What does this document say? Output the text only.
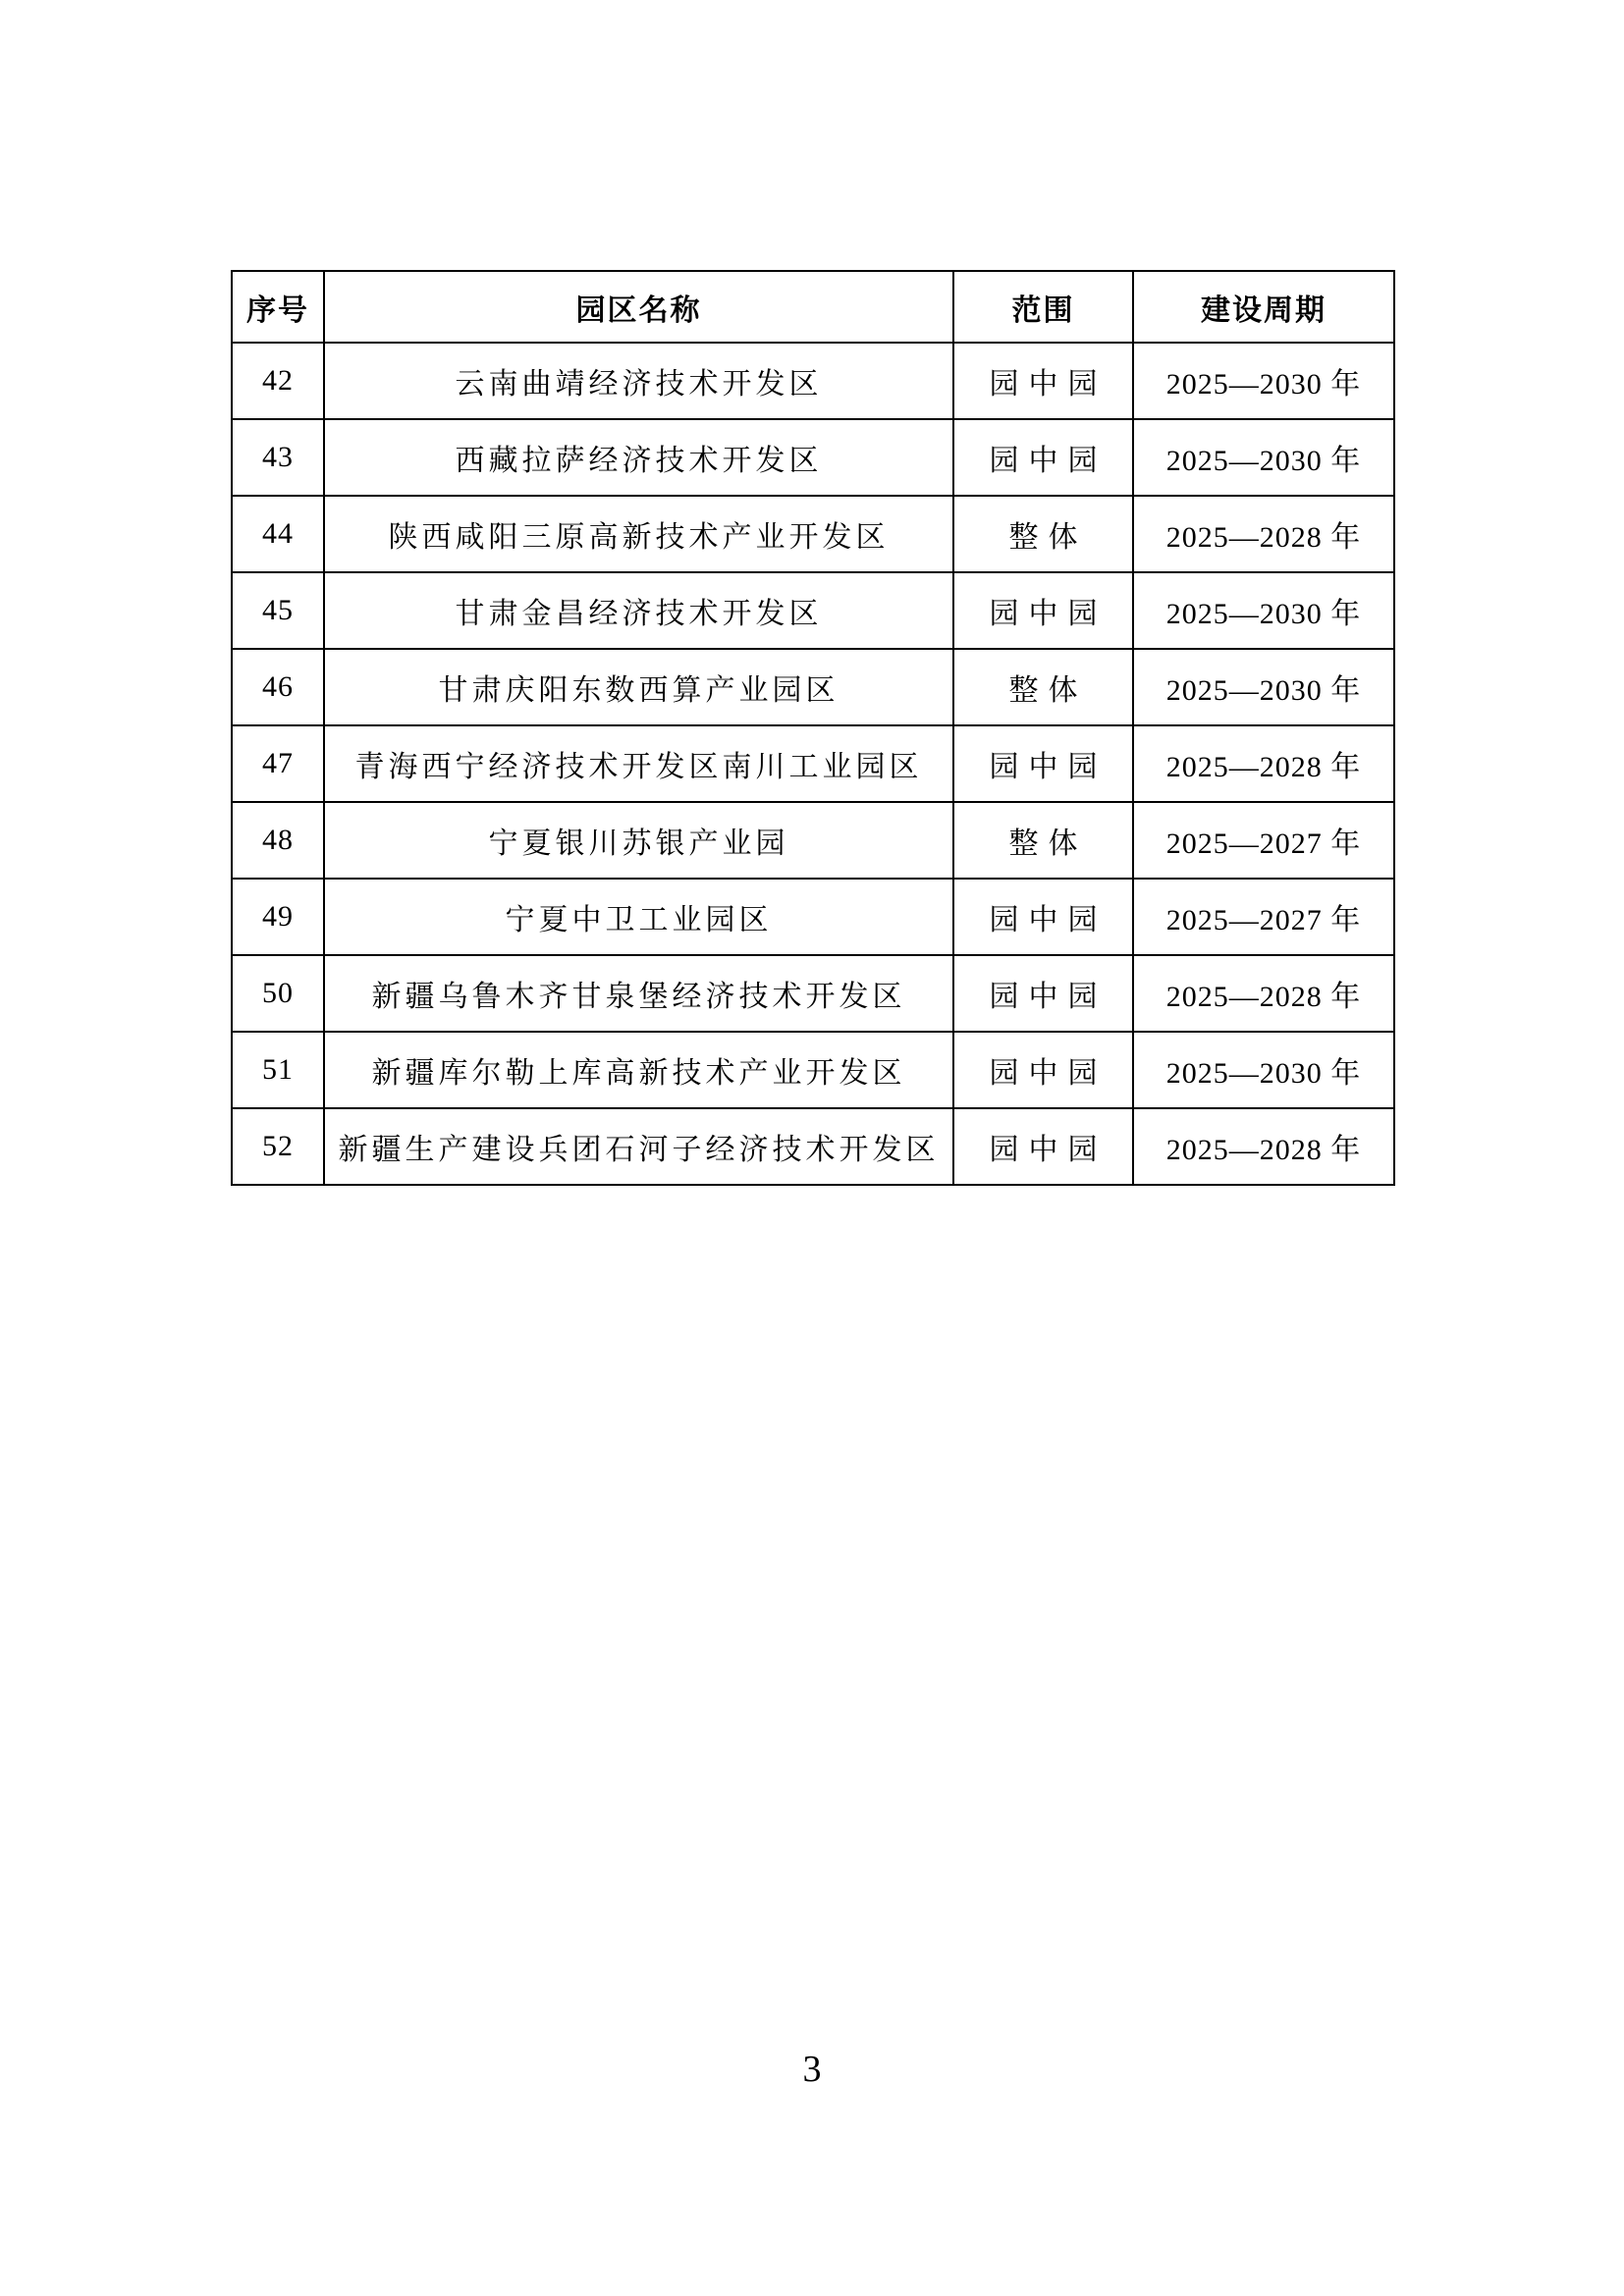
序号	园区名称	范围	建设周期
42	云南曲靖经济技术开发区	园中园	2025—2030 年
43	西藏拉萨经济技术开发区	园中园	2025—2030 年
44	陕西咸阳三原高新技术产业开发区	整体	2025—2028 年
45	甘肃金昌经济技术开发区	园中园	2025—2030 年
46	甘肃庆阳东数西算产业园区	整体	2025—2030 年
47	青海西宁经济技术开发区南川工业园区	园中园	2025—2028 年
48	宁夏银川苏银产业园	整体	2025—2027 年
49	宁夏中卫工业园区	园中园	2025—2027 年
50	新疆乌鲁木齐甘泉堡经济技术开发区	园中园	2025—2028 年
51	新疆库尔勒上库高新技术产业开发区	园中园	2025—2030 年
52	新疆生产建设兵团石河子经济技术开发区	园中园	2025—2028 年
3
